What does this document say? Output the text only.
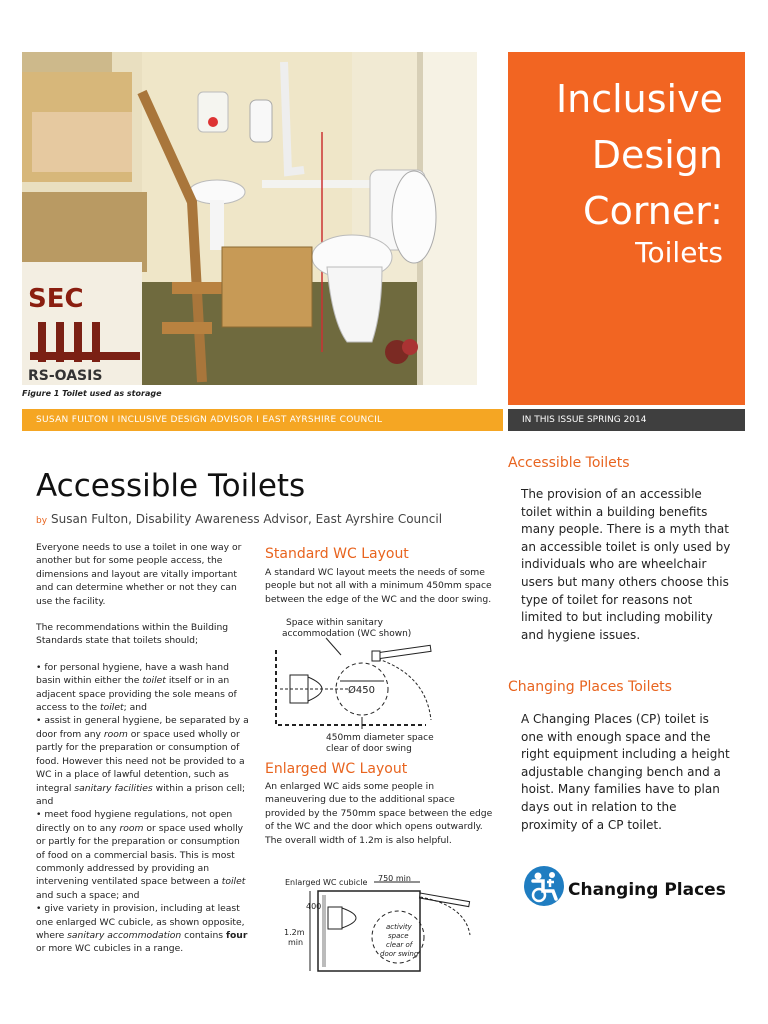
SEC
RS-OASIS
Figure 1 Toilet used as storage
Inclusive
Design
Corner:
Toilets
SUSAN FULTON I INCLUSIVE DESIGN ADVISOR I EAST AYRSHIRE COUNCIL	IN THIS ISSUE SPRING 2014
Accessible Toilets
by Susan Fulton, Disability Awareness Advisor, East Ayrshire Council

Everyone needs to use a toilet in one way or another but for some people access, the dimensions and layout are vitally important and can determine whether or not they can use the facility.

The recommendations within the Building Standards state that toilets should;

• for personal hygiene, have a wash hand basin within either the toilet itself or in an adjacent space providing the sole means of access to the toilet; and

• assist in general hygiene, be separated by a door from any room or space used wholly or partly for the preparation or consumption of food. However this need not be provided to a WC in a place of lawful detention, such as integral sanitary facilities within a prison cell; and

• meet food hygiene regulations, not open directly on to any room or space used wholly or partly for the preparation or consumption of food on a commercial basis. This is most commonly addressed by providing an intervening ventilated space between a toilet and such a space; and

• give variety in provision, including at least one enlarged WC cubicle, as shown opposite, where sanitary accommodation contains four or more WC cubicles in a range.

Standard WC Layout
A standard WC layout meets the needs of some people but not all with a minimum 450mm space between the edge of the WC and the door swing.
Space within sanitary
accommodation (WC shown)
Ø450
450mm diameter space
clear of door swing
Enlarged WC Layout
An enlarged WC aids some people in maneuvering due to the additional space provided by the 750mm space between the edge of the WC and the door which opens outwardly. The overall width of 1.2m is also helpful.
Enlarged WC cubicle 750 min
400
1.2m
min
activity
space
clear of
door swing
Accessible Toilets
The provision of an accessible toilet within a building benefits many people. There is a myth that an accessible toilet is only used by individuals who are wheelchair users but many others choose this type of toilet for reasons not limited to but including mobility and hygiene issues.
Changing Places Toilets
A Changing Places (CP) toilet is one with enough space and the right equipment including a height adjustable changing bench and a hoist. Many families have to plan days out in relation to the proximity of a CP toilet.
Changing Places
